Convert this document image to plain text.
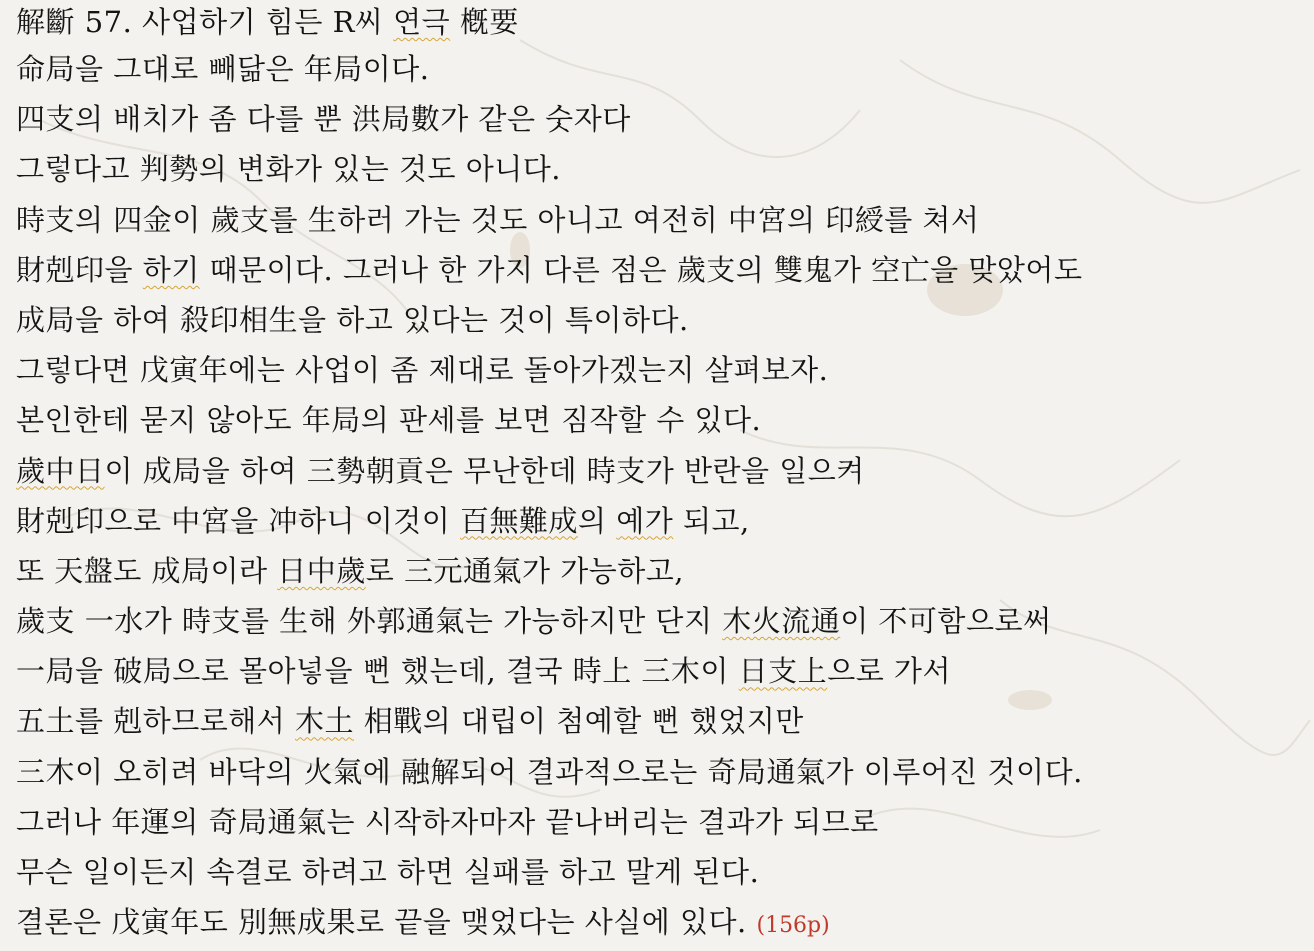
解斷 57. 사업하기 힘든 R씨 연극 槪要
命局을 그대로 빼닮은 年局이다.
四支의 배치가 좀 다를 뿐 洪局數가 같은 숫자다
그렇다고 判勢의 변화가 있는 것도 아니다.
時支의 四金이 歲支를 生하러 가는 것도 아니고 여전히 中宮의 印綬를 쳐서
財剋印을 하기 때문이다. 그러나 한 가지 다른 점은 歲支의 雙鬼가 空亡을 맞았어도
成局을 하여 殺印相生을 하고 있다는 것이 특이하다.
그렇다면 戊寅年에는 사업이 좀 제대로 돌아가겠는지 살펴보자.
본인한테 묻지 않아도 年局의 판세를 보면 짐작할 수 있다.
歲中日이 成局을 하여 三勢朝貢은 무난한데 時支가 반란을 일으켜
財剋印으로 中宮을 冲하니 이것이 百無難成의 예가 되고,
또 天盤도 成局이라 日中歲로 三元通氣가 가능하고,
歲支 一水가 時支를 生해 外郭通氣는 가능하지만 단지 木火流通이 不可함으로써
一局을 破局으로 몰아넣을 뻔 했는데, 결국 時上 三木이 日支上으로 가서
五土를 剋하므로해서 木土 相戰의 대립이 첨예할 뻔 했었지만
三木이 오히려 바닥의 火氣에 融解되어 결과적으로는 奇局通氣가 이루어진 것이다.
그러나 年運의 奇局通氣는 시작하자마자 끝나버리는 결과가 되므로
무슨 일이든지 속결로 하려고 하면 실패를 하고 말게 된다.
결론은 戊寅年도 別無成果로 끝을 맺었다는 사실에 있다. (156p)
